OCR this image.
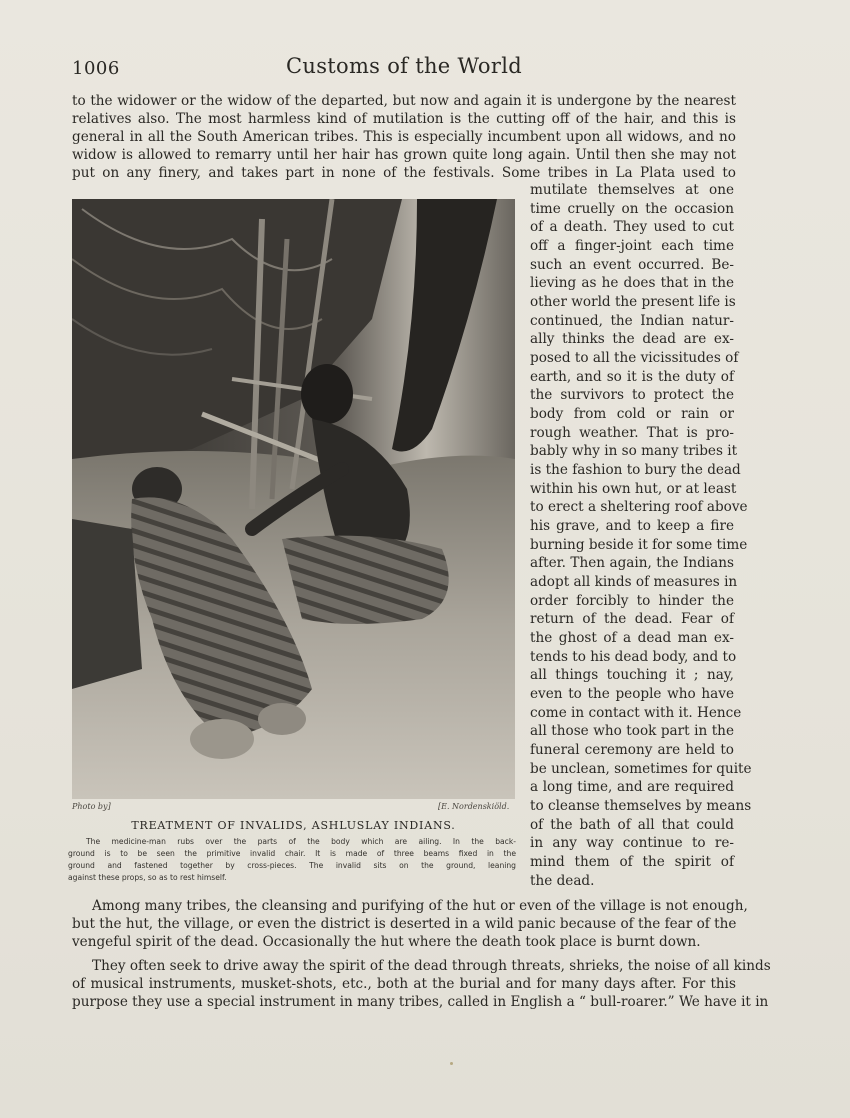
1006	Customs of the World
to the widower or the widow of the departed, but now and again it is undergone by the nearest
relatives also. The most harmless kind of mutilation is the cutting off of the hair, and this is
general in all the South American tribes. This is especially incumbent upon all widows, and no
widow is allowed to remarry until her hair has grown quite long again. Until then she may not
put on any finery, and takes part in none of the festivals. Some tribes in La Plata used to
Photo by]	[E. Nordenskiöld.
TREATMENT OF INVALIDS, ASHLUSLAY INDIANS.
The medicine-man rubs over the parts of the body which are ailing. In the back-
ground is to be seen the primitive invalid chair. It is made of three beams fixed in the
ground and fastened together by cross-pieces. The invalid sits on the ground, leaning
against these props, so as to rest himself.
mutilate themselves at one
time cruelly on the occasion
of a death. They used to cut
off a finger-joint each time
such an event occurred. Be-
lieving as he does that in the
other world the present life is
continued, the Indian natur-
ally thinks the dead are ex-
posed to all the vicissitudes of
earth, and so it is the duty of
the survivors to protect the
body from cold or rain or
rough weather. That is pro-
bably why in so many tribes it
is the fashion to bury the dead
within his own hut, or at least
to erect a sheltering roof above
his grave, and to keep a fire
burning beside it for some time
after. Then again, the Indians
adopt all kinds of measures in
order forcibly to hinder the
return of the dead. Fear of
the ghost of a dead man ex-
tends to his dead body, and to
all things touching it ; nay,
even to the people who have
come in contact with it. Hence
all those who took part in the
funeral ceremony are held to
be unclean, sometimes for quite
a long time, and are required
to cleanse themselves by means
of the bath of all that could
in any way continue to re-
mind them of the spirit of
the dead.
Among many tribes, the cleansing and purifying of the hut or even of the village is not enough,
but the hut, the village, or even the district is deserted in a wild panic because of the fear of the
vengeful spirit of the dead. Occasionally the hut where the death took place is burnt down.
They often seek to drive away the spirit of the dead through threats, shrieks, the noise of all kinds
of musical instruments, musket-shots, etc., both at the burial and for many days after. For this
purpose they use a special instrument in many tribes, called in English a “ bull-roarer.” We have it in
